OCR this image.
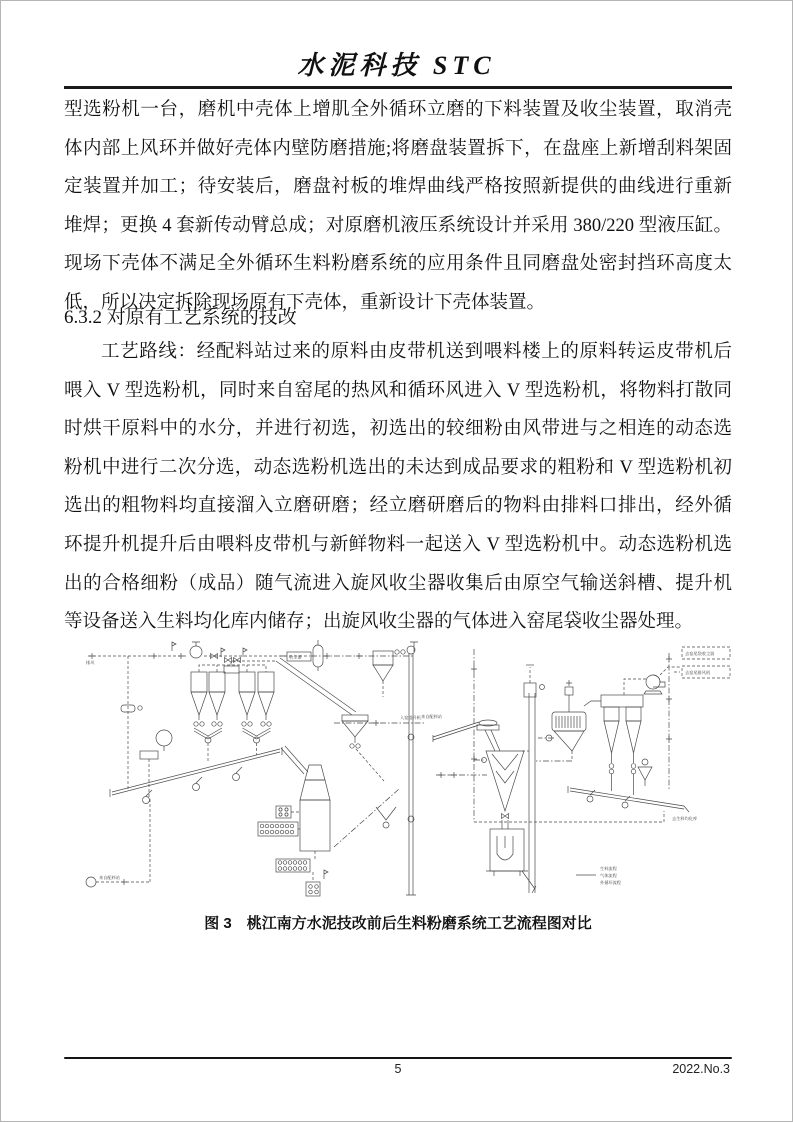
水泥科技 STC
型选粉机一台，磨机中壳体上增肌全外循环立磨的下料装置及收尘装置，取消壳
体内部上风环并做好壳体内壁防磨措施;将磨盘装置拆下，在盘座上新增刮料架固
定装置并加工；待安装后，磨盘衬板的堆焊曲线严格按照新提供的曲线进行重新
堆焊；更换 4 套新传动臂总成；对原磨机液压系统设计并采用 380/220 型液压缸。
现场下壳体不满足全外循环生料粉磨系统的应用条件且同磨盘处密封挡环高度太
低，所以决定拆除现场原有下壳体，重新设计下壳体装置。
6.3.2 对原有工艺系统的技改
工艺路线：经配料站过来的原料由皮带机送到喂料楼上的原料转运皮带机后
喂入 V 型选粉机，同时来自窑尾的热风和循环风进入 V 型选粉机，将物料打散同
时烘干原料中的水分，并进行初选，初选出的较细粉由风带进与之相连的动态选
粉机中进行二次分选，动态选粉机选出的未达到成品要求的粗粉和 V 型选粉机初
选出的粗物料均直接溜入立磨研磨；经立磨研磨后的物料由排料口排出，经外循
环提升机提升后由喂料皮带机与新鲜物料一起送入 V 型选粉机中。动态选粉机选
出的合格细粉（成品）随气流进入旋风收尘器收集后由原空气输送斜槽、提升机
等设备送入生料均化库内储存；出旋风收尘器的气体进入窑尾袋收尘器处理。
排风
入窑提升机
收尘器
来自配料站
来自配料站
去窑尾袋收尘器
去窑尾排风机
去生料均化库
生料流程
气体流程
外循环流程
图 3　桃江南方水泥技改前后生料粉磨系统工艺流程图对比
5	2022.No.3
